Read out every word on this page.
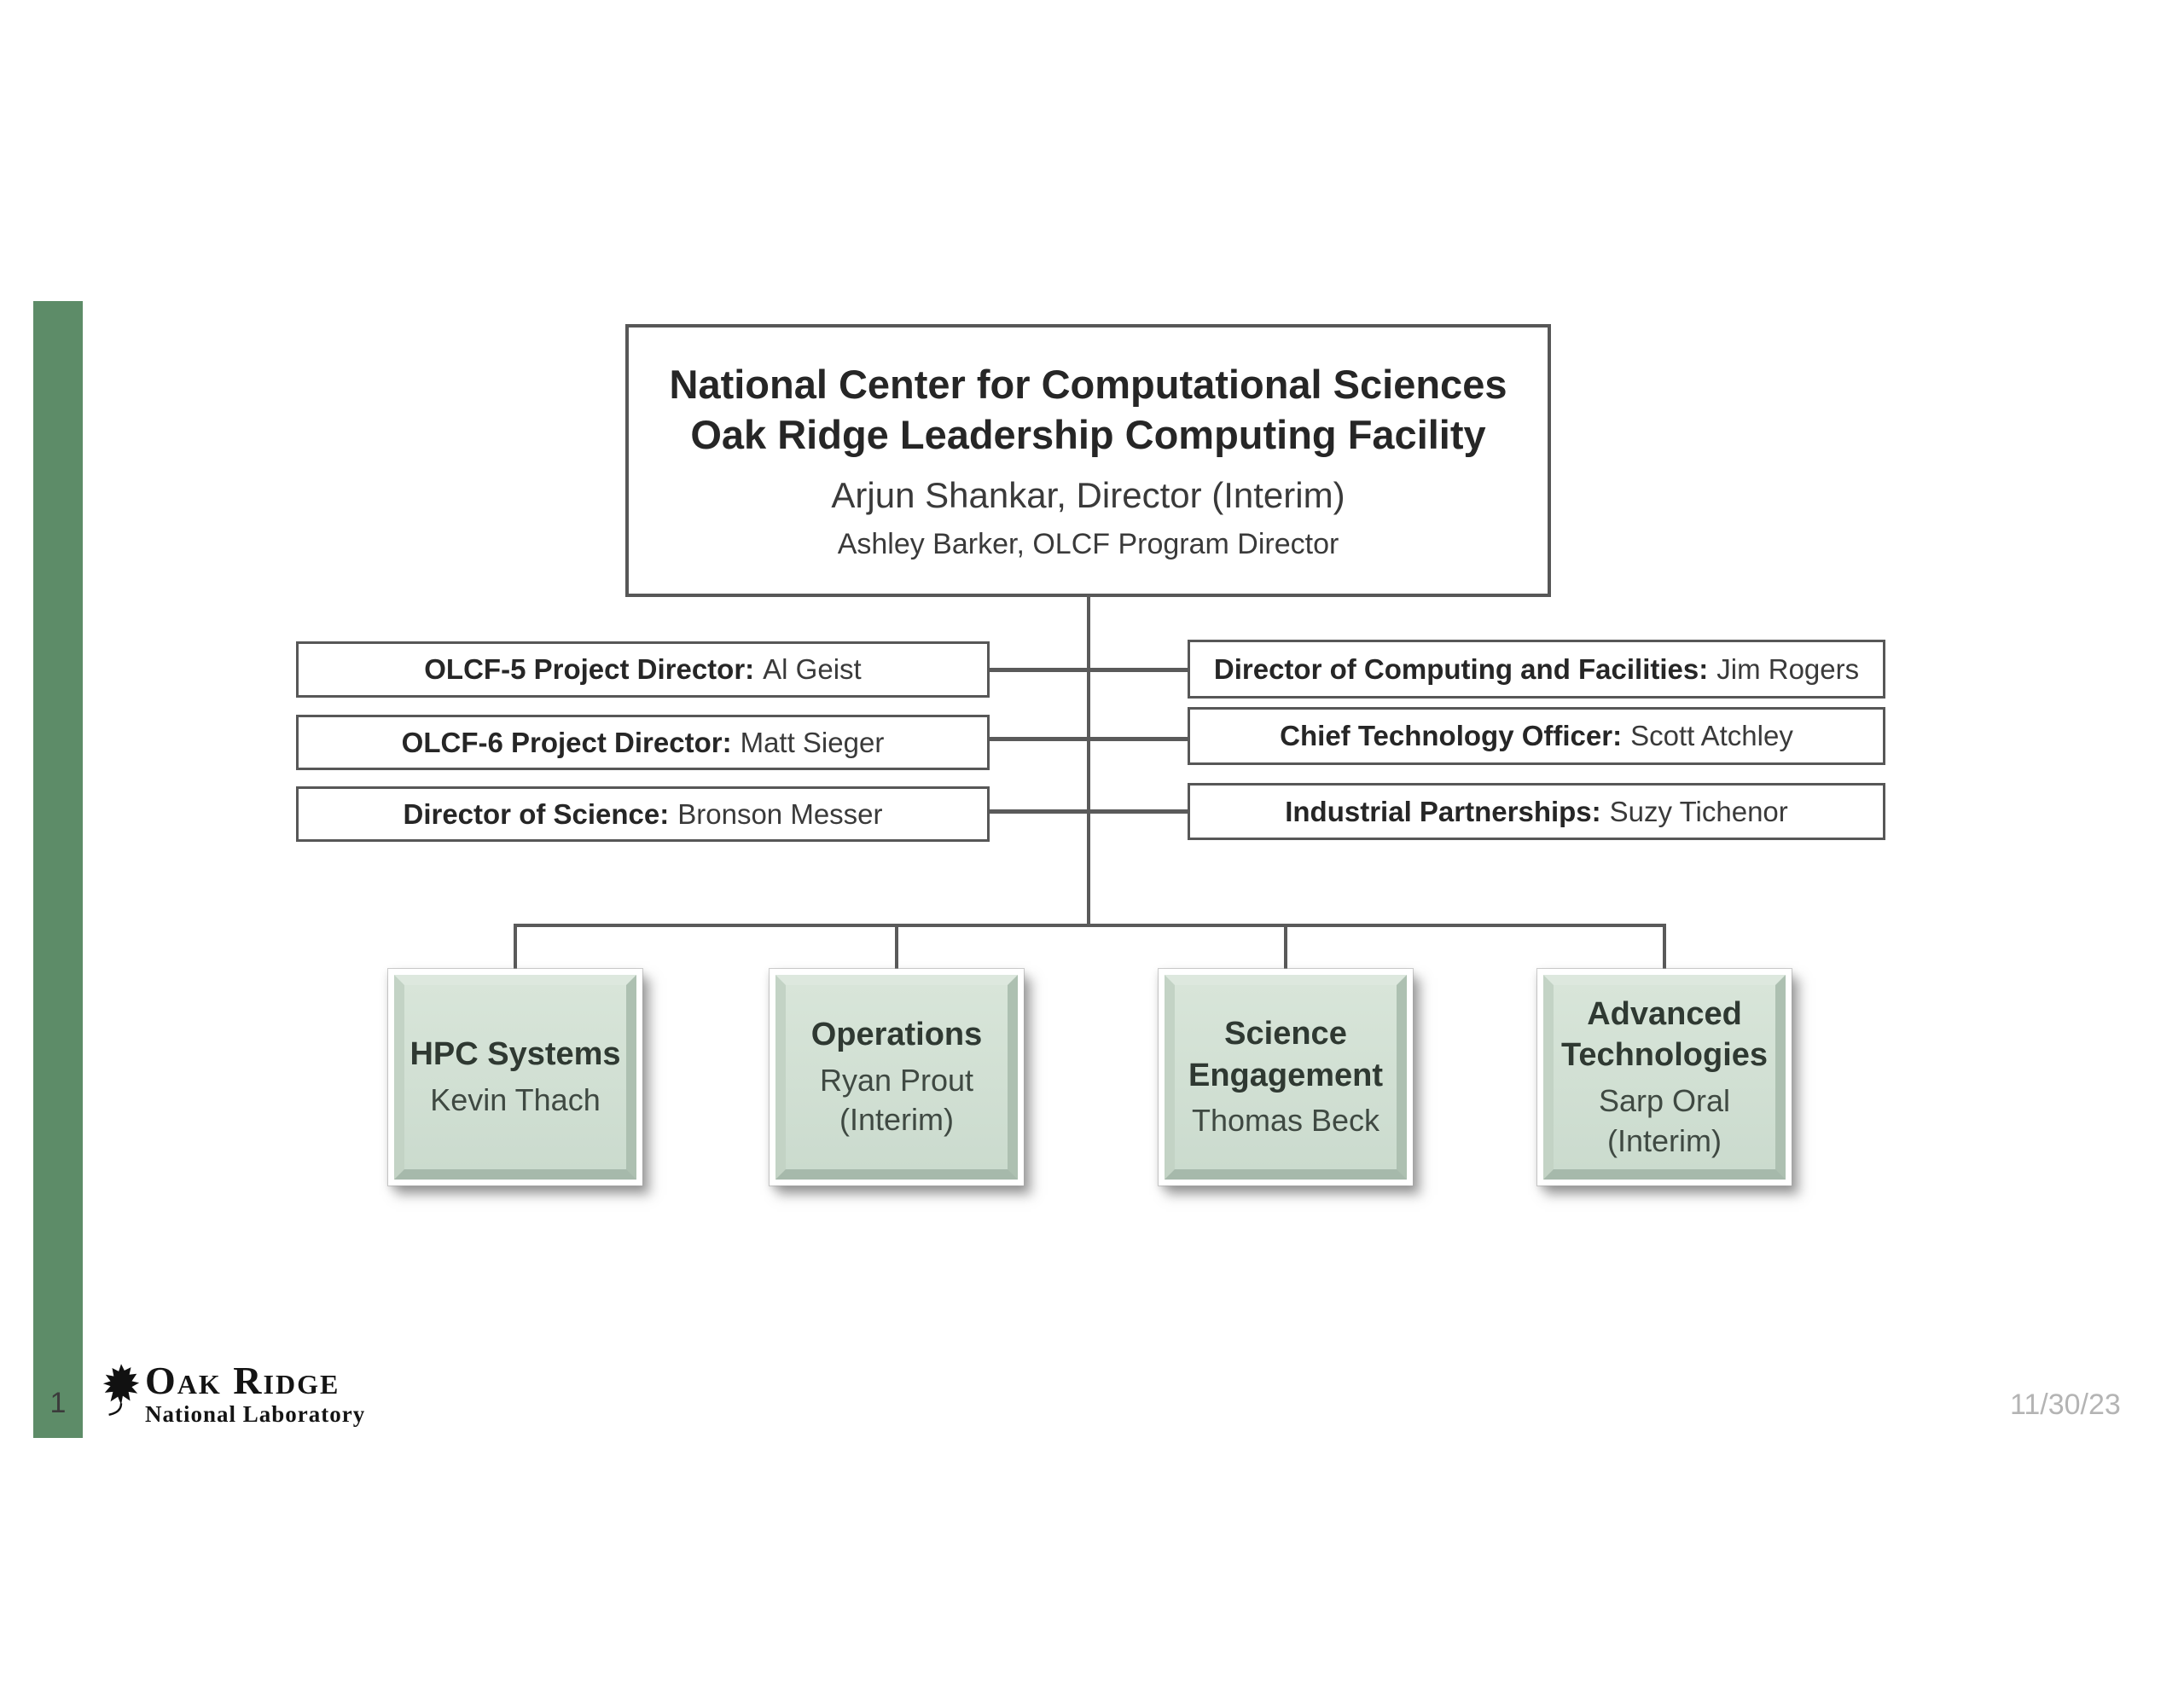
1
National Center for Computational Sciences
Oak Ridge Leadership Computing Facility
Arjun Shankar, Director (Interim)
Ashley Barker, OLCF Program Director
OLCF-5 Project Director: Al Geist
OLCF-6 Project Director: Matt Sieger
Director of Science: Bronson Messer
Director of Computing and Facilities: Jim Rogers
Chief Technology Officer: Scott Atchley
Industrial Partnerships: Suzy Tichenor
HPC Systems
Kevin Thach
Operations
Ryan Prout
(Interim)
Science Engagement
Thomas Beck
Advanced Technologies
Sarp Oral
(Interim)
Oak Ridge
National Laboratory	11/30/23
